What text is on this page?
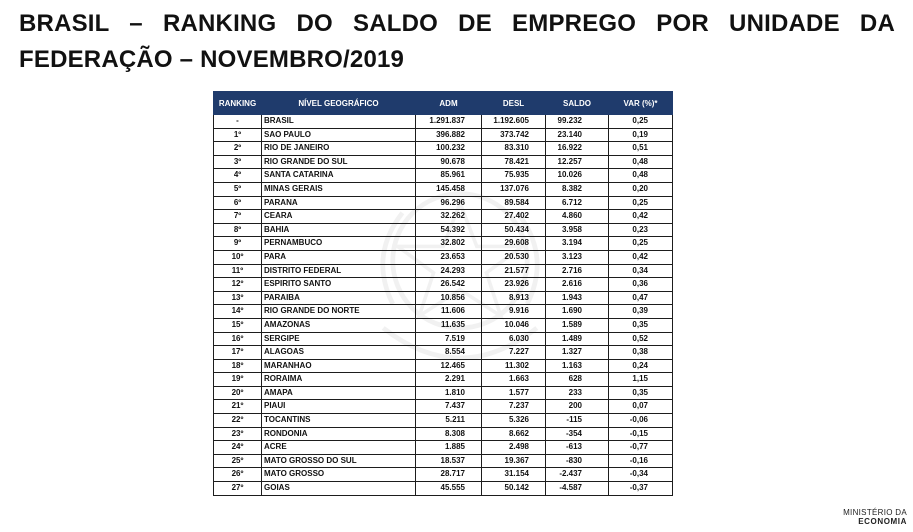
BRASIL – RANKING DO SALDO DE EMPREGO POR UNIDADE DA FEDERAÇÃO – NOVEMBRO/2019
RANKING	NÍVEL GEOGRÁFICO	ADM	DESL	SALDO	VAR (%)*
-	BRASIL	1.291.837	1.192.605	99.232	0,25
1º	SAO PAULO	396.882	373.742	23.140	0,19
2º	RIO DE JANEIRO	100.232	83.310	16.922	0,51
3º	RIO GRANDE DO SUL	90.678	78.421	12.257	0,48
4º	SANTA CATARINA	85.961	75.935	10.026	0,48
5º	MINAS GERAIS	145.458	137.076	8.382	0,20
6º	PARANA	96.296	89.584	6.712	0,25
7º	CEARA	32.262	27.402	4.860	0,42
8º	BAHIA	54.392	50.434	3.958	0,23
9º	PERNAMBUCO	32.802	29.608	3.194	0,25
10º	PARA	23.653	20.530	3.123	0,42
11º	DISTRITO FEDERAL	24.293	21.577	2.716	0,34
12º	ESPIRITO SANTO	26.542	23.926	2.616	0,36
13º	PARAIBA	10.856	8.913	1.943	0,47
14º	RIO GRANDE DO NORTE	11.606	9.916	1.690	0,39
15º	AMAZONAS	11.635	10.046	1.589	0,35
16º	SERGIPE	7.519	6.030	1.489	0,52
17º	ALAGOAS	8.554	7.227	1.327	0,38
18º	MARANHAO	12.465	11.302	1.163	0,24
19º	RORAIMA	2.291	1.663	628	1,15
20º	AMAPA	1.810	1.577	233	0,35
21º	PIAUI	7.437	7.237	200	0,07
22º	TOCANTINS	5.211	5.326	-115	-0,06
23º	RONDONIA	8.308	8.662	-354	-0,15
24º	ACRE	1.885	2.498	-613	-0,77
25º	MATO GROSSO DO SUL	18.537	19.367	-830	-0,16
26º	MATO GROSSO	28.717	31.154	-2.437	-0,34
27º	GOIAS	45.555	50.142	-4.587	-0,37
MINISTÉRIO DA
ECONOMIA
